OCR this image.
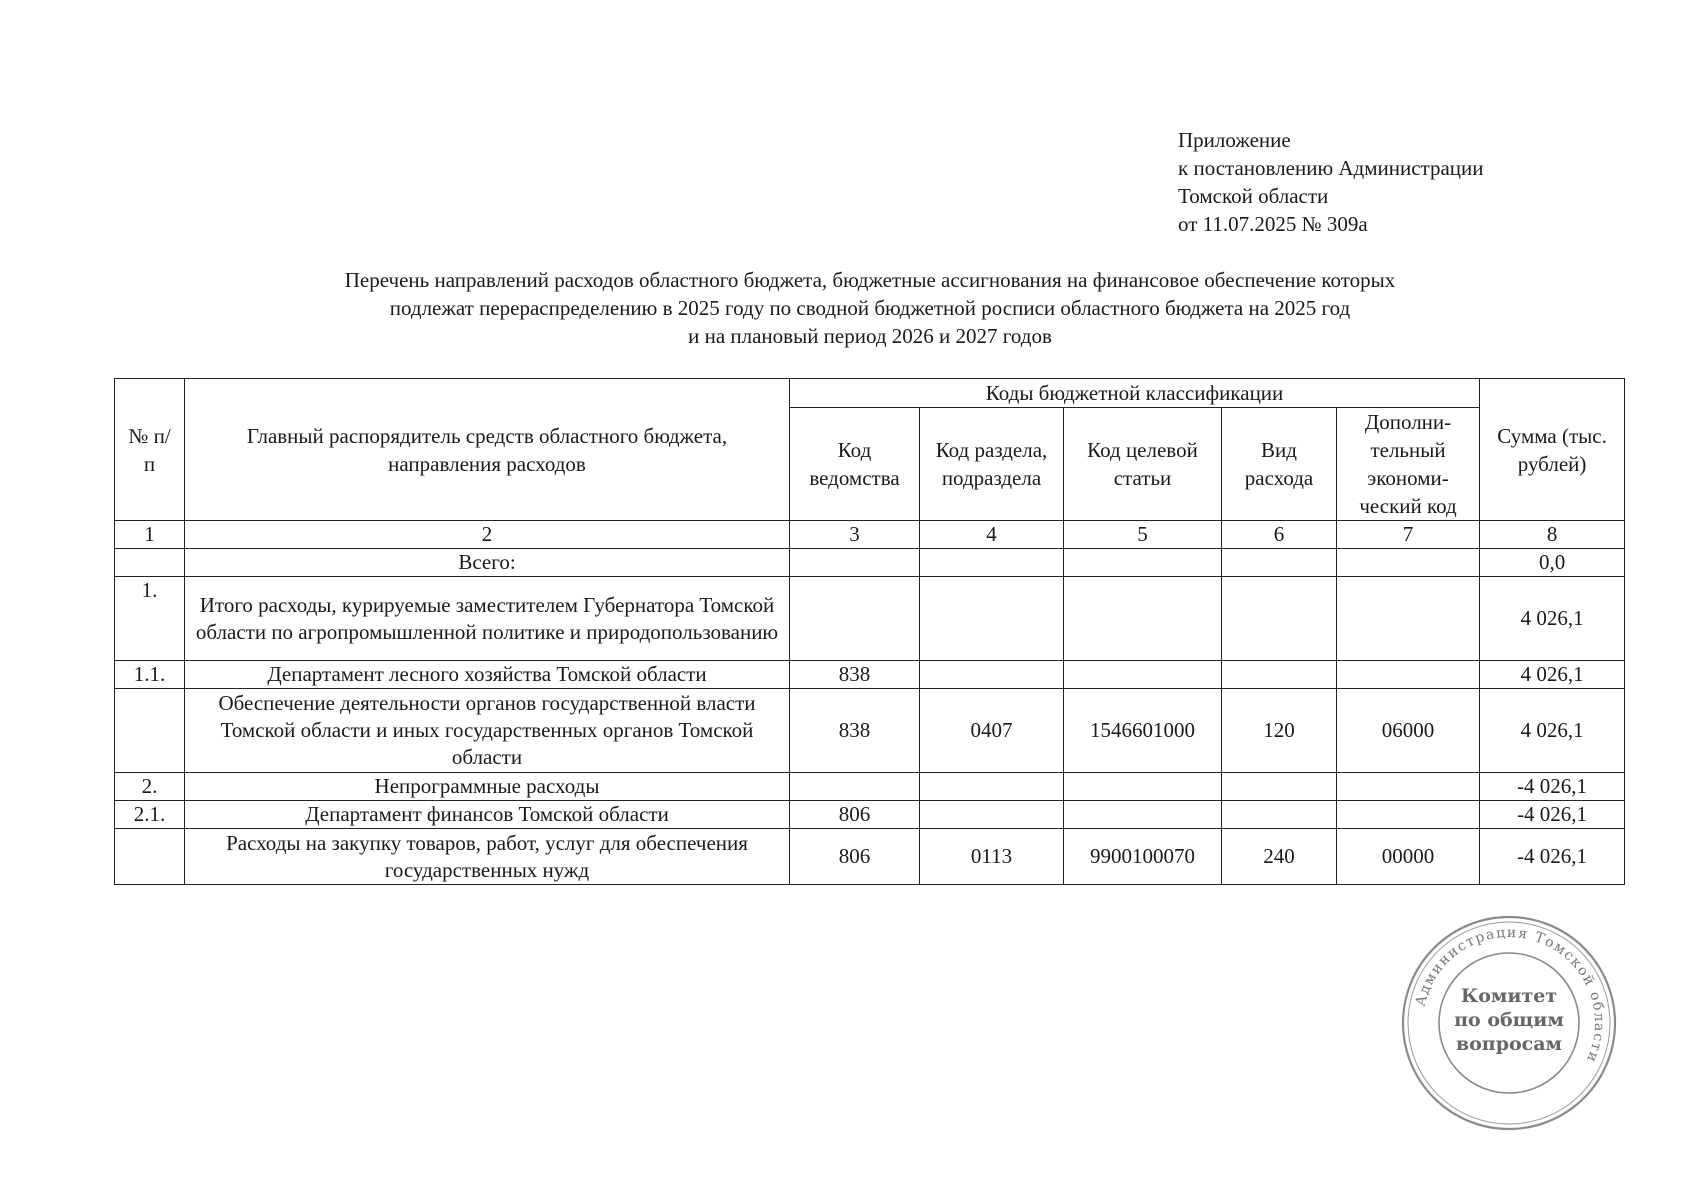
Приложение
к постановлению Администрации
Томской области
от 11.07.2025 № 309а
Перечень направлений расходов областного бюджета, бюджетные ассигнования на финансовое обеспечение которых
подлежат перераспределению в 2025 году по сводной бюджетной росписи областного бюджета на 2025 год
и на плановый период 2026 и 2027 годов
№ п/п	Главный распорядитель средств областного бюджета, направления расходов	Коды бюджетной классификации					Сумма (тыс. рублей)
		Код ведомства	Код раздела, подраздела	Код целевой статьи	Вид расхода	Дополни-тельный экономи-ческий код	
1	2	3	4	5	6	7	8
	Всего:						0,0
1.	Итого расходы, курируемые заместителем Губернатора Томской области по агропромышленной политике и природопользованию						4 026,1
1.1.	Департамент лесного хозяйства Томской области	838					4 026,1
	Обеспечение деятельности органов государственной власти Томской области и иных государственных органов Томской области	838	0407	1546601000	120	06000	4 026,1
2.	Непрограммные расходы						-4 026,1
2.1.	Департамент финансов Томской области	806					-4 026,1
	Расходы на закупку товаров, работ, услуг для обеспечения государственных нужд	806	0113	9900100070	240	00000	-4 026,1
Администрация Томской области
Комитет
по общим
вопросам
